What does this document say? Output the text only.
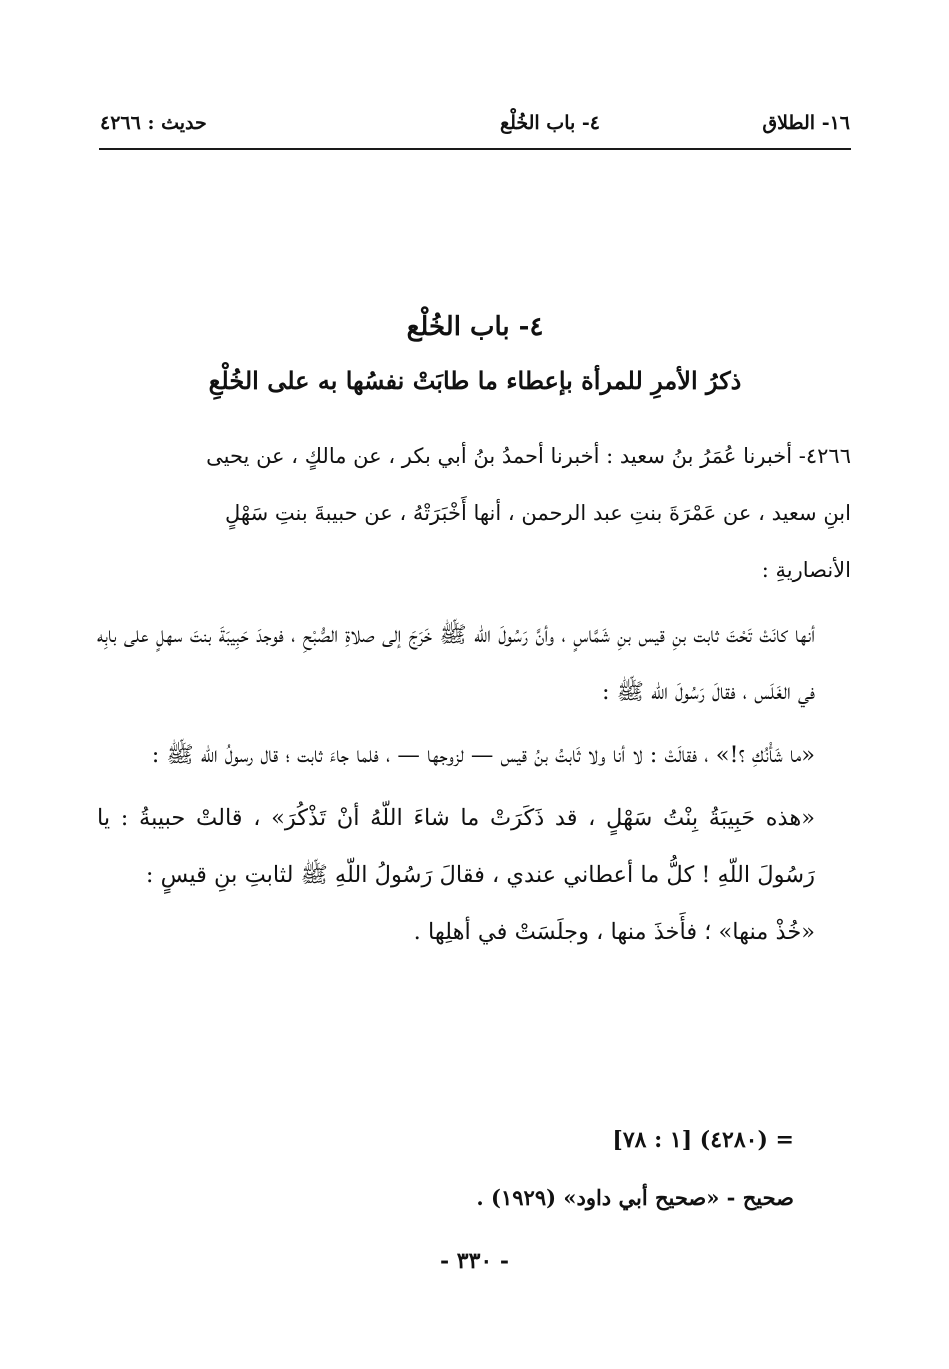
١٦- الطلاق
٤- باب الخُلْع
حديث : ٤٢٦٦
٤- باب الخُلْع
ذكرُ الأمرِ للمرأة بإعطاء ما طابَتْ نفسُها به على الخُلْعِ

٤٢٦٦- أخبرنا عُمَرُ بنُ سعيد : أخبرنا أحمدُ بنُ أبي بكر ، عن مالكٍ ، عن يحيى

ابنِ سعيد ، عن عَمْرَةَ بنتِ عبد الرحمن ، أنها أَخْبَرَتْهُ ، عن حبيبةَ بنتِ سَهْلٍ

الأنصاريةِ :

أنها كانَتْ تَحْتَ ثابت بنِ قيس بنِ شَمَّاسٍ ، وأنَّ رَسُولَ اللّه ﷺ خَرَجَ إلى صلاةِ الصُّبْحِ ، فوجدَ حَبِيبَةَ بنتَ سهلٍ على بابِه في الغَلَس ، فقالَ رَسُولَ اللّه ﷺ :

«ما شَأْنُكِ ؟!» ، فقالَتْ : لا أنا ولا ثَابتُ بنُ قيس — لزوجها — ، فلما جاءَ ثابت ؛ قال رسولُ اللّه ﷺ :

«هذه حَبِيبَةُ بِنْتُ سَهْلٍ ، قد ذَكَرَتْ ما شاءَ اللّهُ أنْ تَذْكُرَ» ، قالتْ حبيبةُ : يا رَسُولَ اللّهِ ! كلُّ ما أعطاني عندي ، فقالَ رَسُولُ اللّهِ ﷺ لثابتِ بنِ قيسٍ :

«خُذْ منها» ؛ فأَخذَ منها ، وجلَسَتْ في أهلِها .

= (٤٢٨٠) [١ : ٧٨]
صحيح - «صحيح أبي داود» (١٩٢٩) .
- ٣٣٠ -
